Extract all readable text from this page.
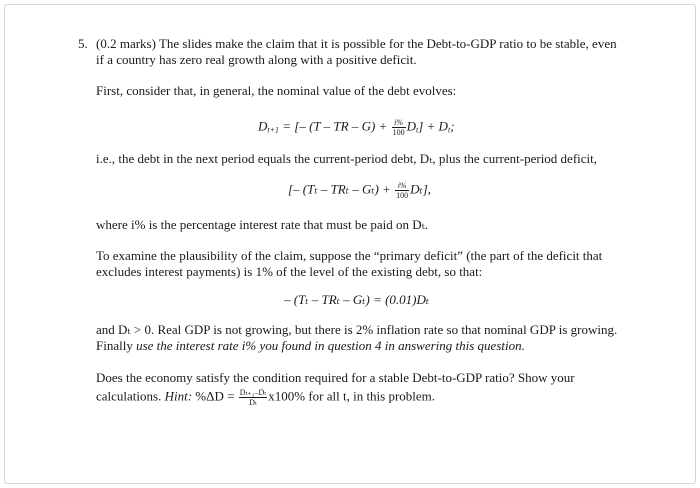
5. (0.2 marks) The slides make the claim that it is possible for the Debt-to-GDP ratio to be stable, even
if a country has zero real growth along with a positive deficit.
First, consider that, in general, the nominal value of the debt evolves:
$D_{t+1}$ = [– (T – TR – $G) + \frac{i\%}{100} D_t] + D_t$;
i.e., the debt in the next period equals the current-period debt, Dₜ, plus the current-period deficit,
[– $(T_t - TR_t - G_t) + \frac{i\%}{100} D_t$],
where i% is the percentage interest rate that must be paid on Dₜ.
To examine the plausibility of the claim, suppose the “primary deficit” (the part of the deficit that
excludes interest payments) is 1% of the level of the existing debt, so that:
– (Tₜ – TRₜ – Gₜ) = (0.01)Dₜ
and Dₜ > 0. Real GDP is not growing, but there is 2% inflation rate so that nominal GDP is growing.
Finally use the interest rate i% you found in question 4 in answering this question.
Does the economy satisfy the condition required for a stable Debt-to-GDP ratio? Show your
calculations. Hint: $\%\Delta D = \frac{\text{Dₜ₊₁–Dₜ}}{\text{Dₜ}} x100\%$ for all t, in this problem.
